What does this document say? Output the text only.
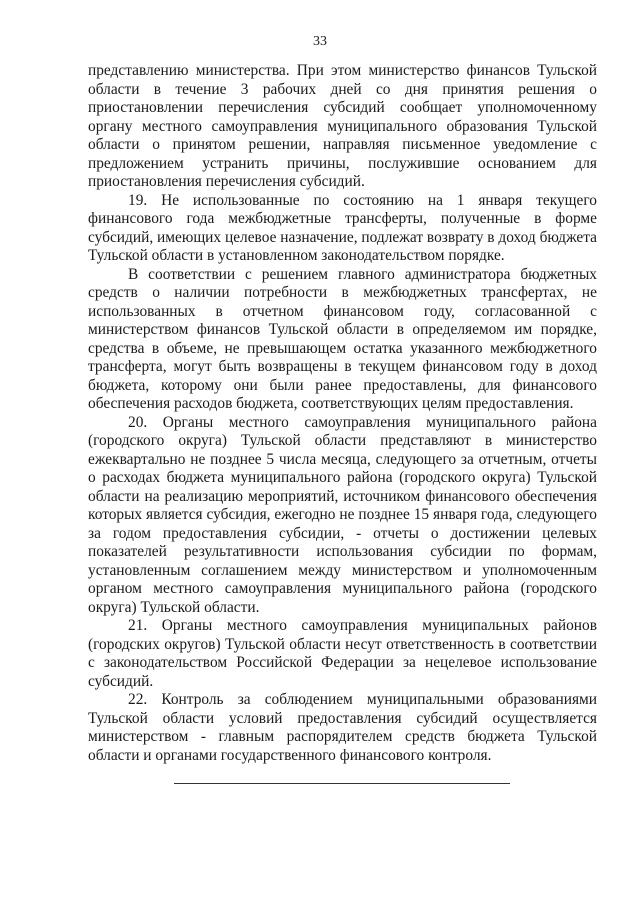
33

представлению министерства. При этом министерство финансов Тульской области в течение 3 рабочих дней со дня принятия решения о приостановлении перечисления субсидий сообщает уполномоченному органу местного самоуправления муниципального образования Тульской области о принятом решении, направляя письменное уведомление с предложением устранить причины, послужившие основанием для приостановления перечисления субсидий.

19. Не использованные по состоянию на 1 января текущего финансового года межбюджетные трансферты, полученные в форме субсидий, имеющих целевое назначение, подлежат возврату в доход бюджета Тульской области в установленном законодательством порядке.

В соответствии с решением главного администратора бюджетных средств о наличии потребности в межбюджетных трансфертах, не использованных в отчетном финансовом году, согласованной с министерством финансов Тульской области в определяемом им порядке, средства в объеме, не превышающем остатка указанного межбюджетного трансферта, могут быть возвращены в текущем финансовом году в доход бюджета, которому они были ранее предоставлены, для финансового обеспечения расходов бюджета, соответствующих целям предоставления.

20. Органы местного самоуправления муниципального района (городского округа) Тульской области представляют в министерство ежеквартально не позднее 5 числа месяца, следующего за отчетным, отчеты о расходах бюджета муниципального района (городского округа) Тульской области на реализацию мероприятий, источником финансового обеспечения которых является субсидия, ежегодно не позднее 15 января года, следующего за годом предоставления субсидии, - отчеты о достижении целевых показателей результативности использования субсидии по формам, установленным соглашением между министерством и уполномоченным органом местного самоуправления муниципального района (городского округа) Тульской области.

21. Органы местного самоуправления муниципальных районов (городских округов) Тульской области несут ответственность в соответствии с законодательством Российской Федерации за нецелевое использование субсидий.

22. Контроль за соблюдением муниципальными образованиями Тульской области условий предоставления субсидий осуществляется министерством - главным распорядителем средств бюджета Тульской области и органами государственного финансового контроля.
